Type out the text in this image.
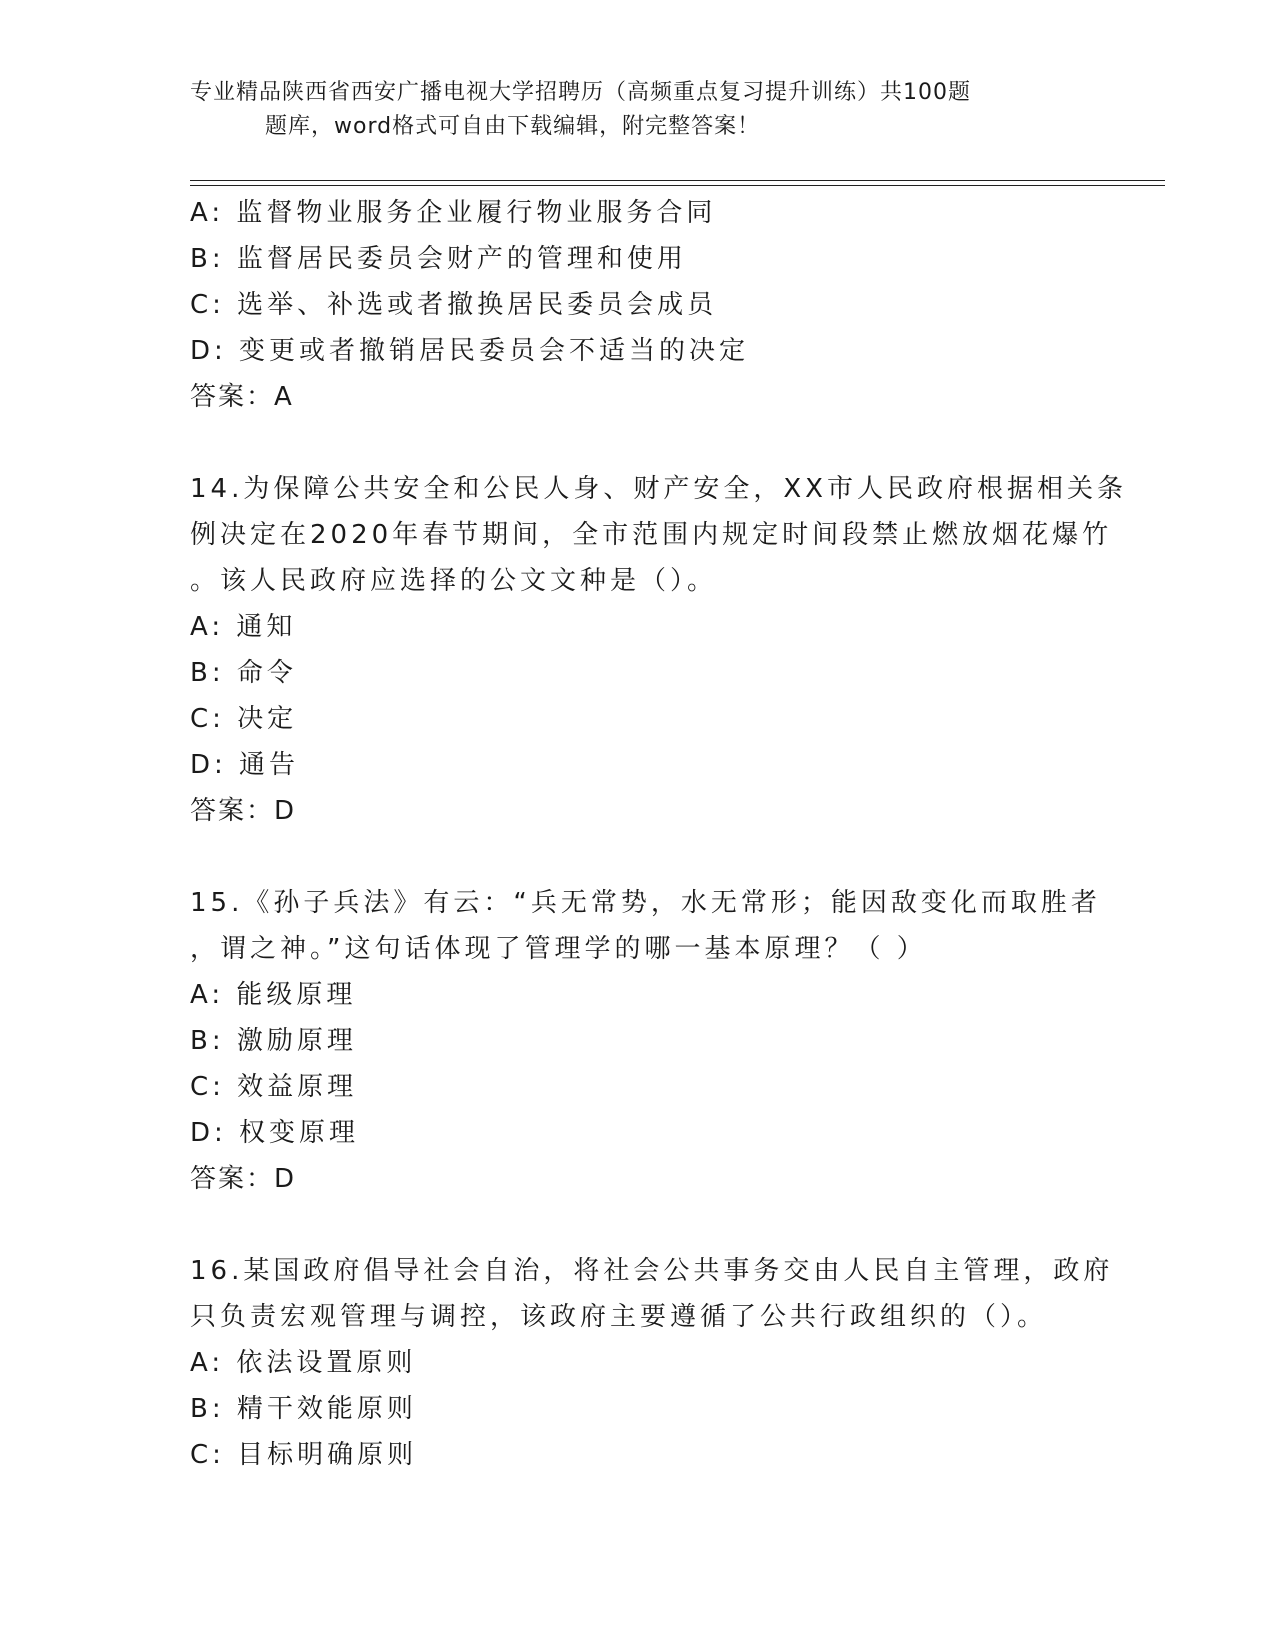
专业精品陕西省西安广播电视大学招聘历（高频重点复习提升训练）共100题
题库，word格式可自由下载编辑，附完整答案！
A: 监督物业服务企业履行物业服务合同
B: 监督居民委员会财产的管理和使用
C: 选举、补选或者撤换居民委员会成员
D: 变更或者撤销居民委员会不适当的决定
答案：A
14.为保障公共安全和公民人身、财产安全，XX市人民政府根据相关条
例决定在2020年春节期间，全市范围内规定时间段禁止燃放烟花爆竹
。该人民政府应选择的公文文种是（）。
A: 通知
B: 命令
C: 决定
D: 通告
答案：D
15.《孙子兵法》有云：“兵无常势，水无常形；能因敌变化而取胜者
，谓之神。”这句话体现了管理学的哪一基本原理？（ ）
A: 能级原理
B: 激励原理
C: 效益原理
D: 权变原理
答案：D
16.某国政府倡导社会自治，将社会公共事务交由人民自主管理，政府
只负责宏观管理与调控，该政府主要遵循了公共行政组织的（）。
A: 依法设置原则
B: 精干效能原则
C: 目标明确原则
